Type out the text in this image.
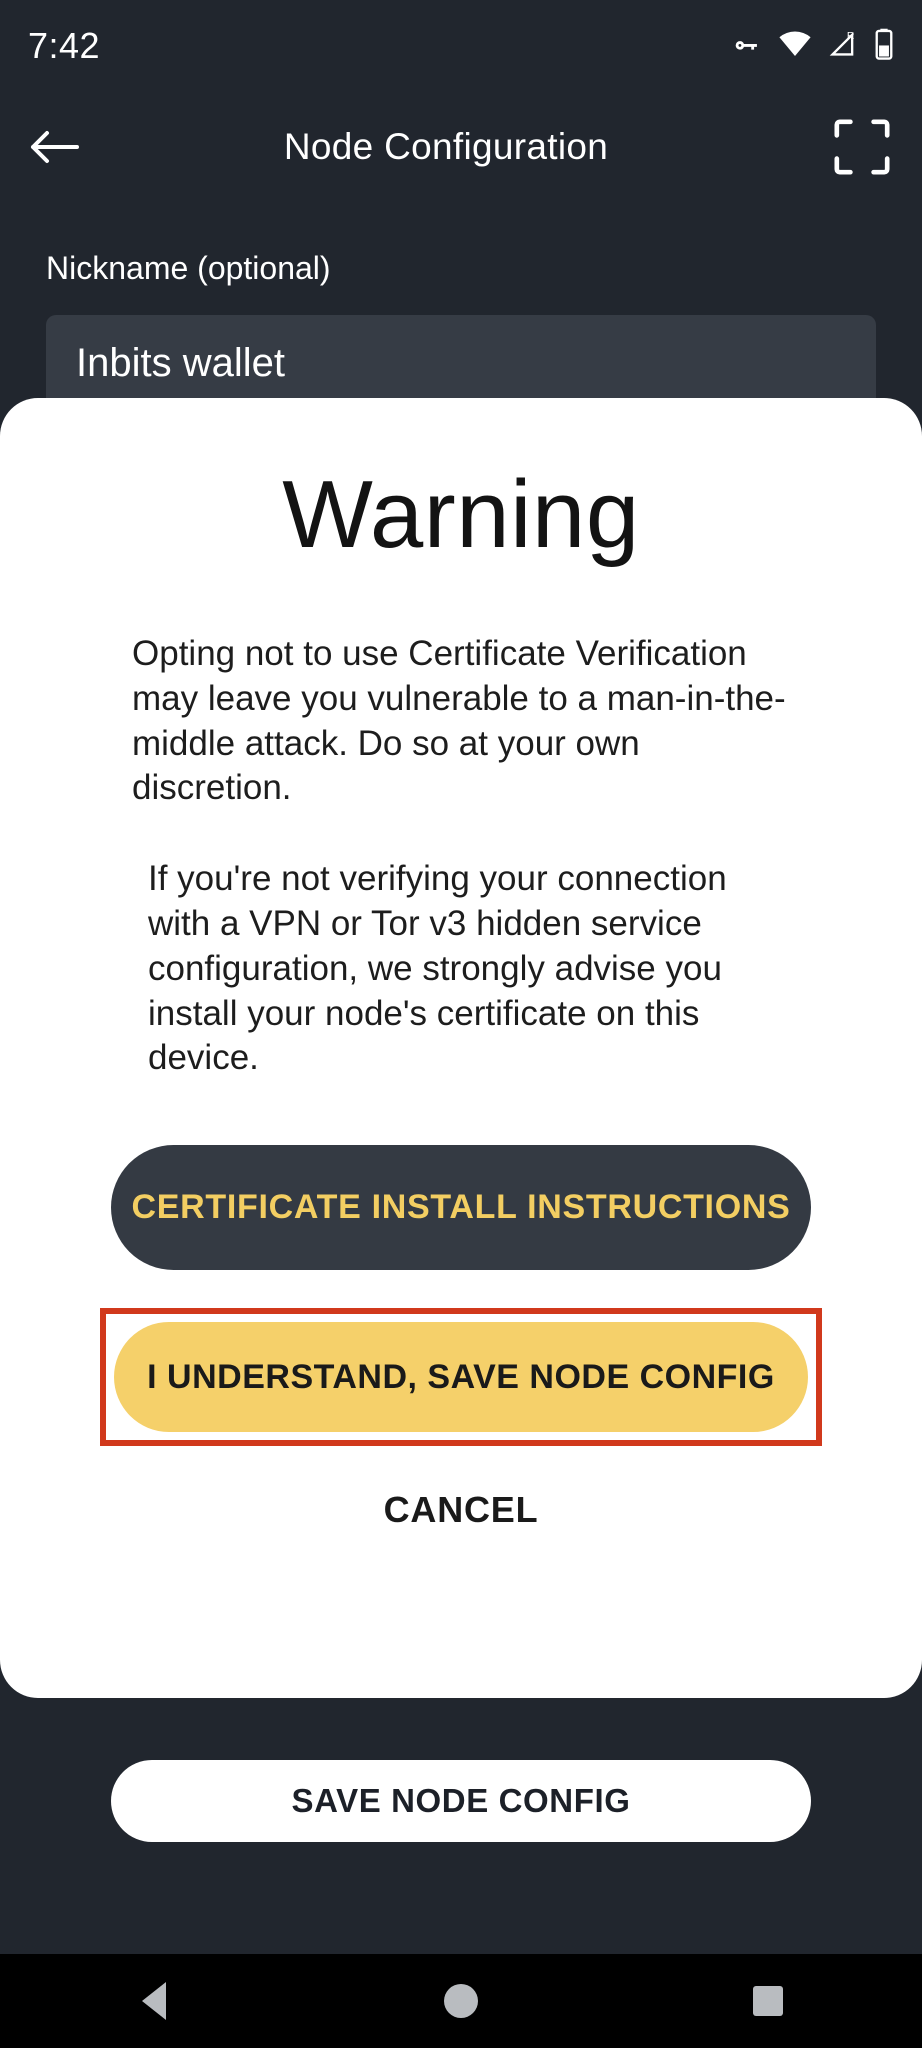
7:42	R
Node Configuration
Nickname (optional)
Inbits wallet
SAVE NODE CONFIG
Warning

Opting not to use Certificate Verification may leave you vulnerable to a man-in-the-middle attack. Do so at your own discretion.

If you're not verifying your connection with a VPN or Tor v3 hidden service configuration, we strongly advise you install your node's certificate on this device.

CERTIFICATE INSTALL INSTRUCTIONS
I UNDERSTAND, SAVE NODE CONFIG
CANCEL
